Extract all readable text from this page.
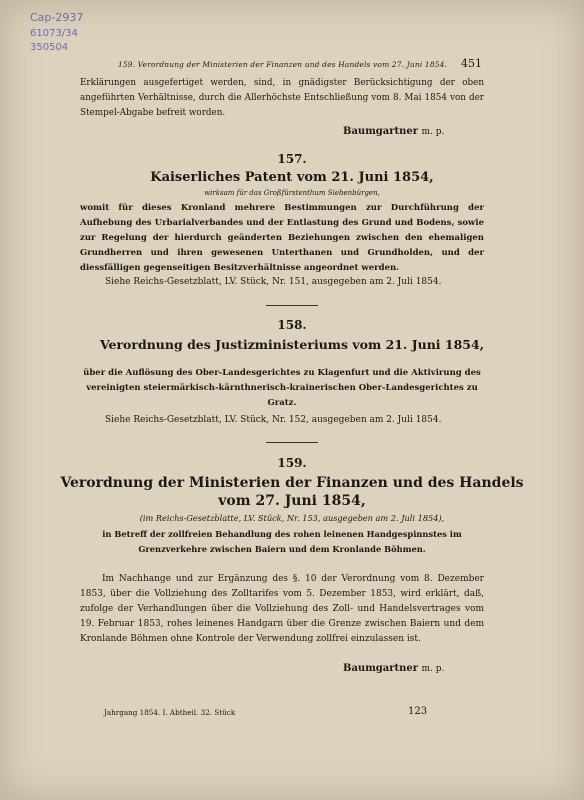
Cap-2937
61073/34
350504
159. Verordnung der Ministerien der Finanzen und des Handels vom 27. Juni 1854.	451
Erklärungen ausgefertiget werden, sind, in gnädigster Berücksichtigung der oben angeführten Verhältnisse, durch die Allerhöchste Entschließung vom 8. Mai 1854 von der Stempel-Abgabe befreit worden.
Baumgartner m. p.
157.
Kaiserliches Patent vom 21. Juni 1854,
wirksam für das Großfürstenthum Siebenbürgen,
womit für dieses Kronland mehrere Bestimmungen zur Durchführung der Aufhebung des Urbarialverbandes und der Entlastung des Grund und Bodens, sowie zur Regelung der hierdurch geänderten Beziehungen zwischen den ehemaligen Grundherren und ihren gewesenen Unterthanen und Grundholden, und der diessfälligen gegenseitigen Besitzverhältnisse angeordnet werden.
Siehe Reichs-Gesetzblatt, LV. Stück, Nr. 151, ausgegeben am 2. Juli 1854.
158.
Verordnung des Justizministeriums vom 21. Juni 1854,
über die Auflösung des Ober-Landesgerichtes zu Klagenfurt und die Aktivirung des vereinigten steiermärkisch-kärnthnerisch-krainerischen Ober-Landesgerichtes zu Gratz.
Siehe Reichs-Gesetzblatt, LV. Stück, Nr. 152, ausgegeben am 2. Juli 1854.
159.
Verordnung der Ministerien der Finanzen und des Handels
vom 27. Juni 1854,
(im Reichs-Gesetzblatte, LV. Stück, Nr. 153, ausgegeben am 2. Juli 1854),
in Betreff der zollfreien Behandlung des rohen leinenen Handgespinnstes im Grenzverkehre zwischen Baiern und dem Kronlande Böhmen.
Im Nachhange und zur Ergänzung des §. 10 der Verordnung vom 8. Dezember 1853, über die Vollziehung des Zolltarifes vom 5. Dezember 1853, wird erklärt, daß, zufolge der Verhandlungen über die Vollziehung des Zoll- und Handelsvertrages vom 19. Februar 1853, rohes leinenes Handgarn über die Grenze zwischen Baiern und dem Kronlande Böhmen ohne Kontrole der Verwendung zollfrei einzulassen ist.
Baumgartner m. p.
Jahrgang 1854. I. Abtheil. 32. Stück	123
